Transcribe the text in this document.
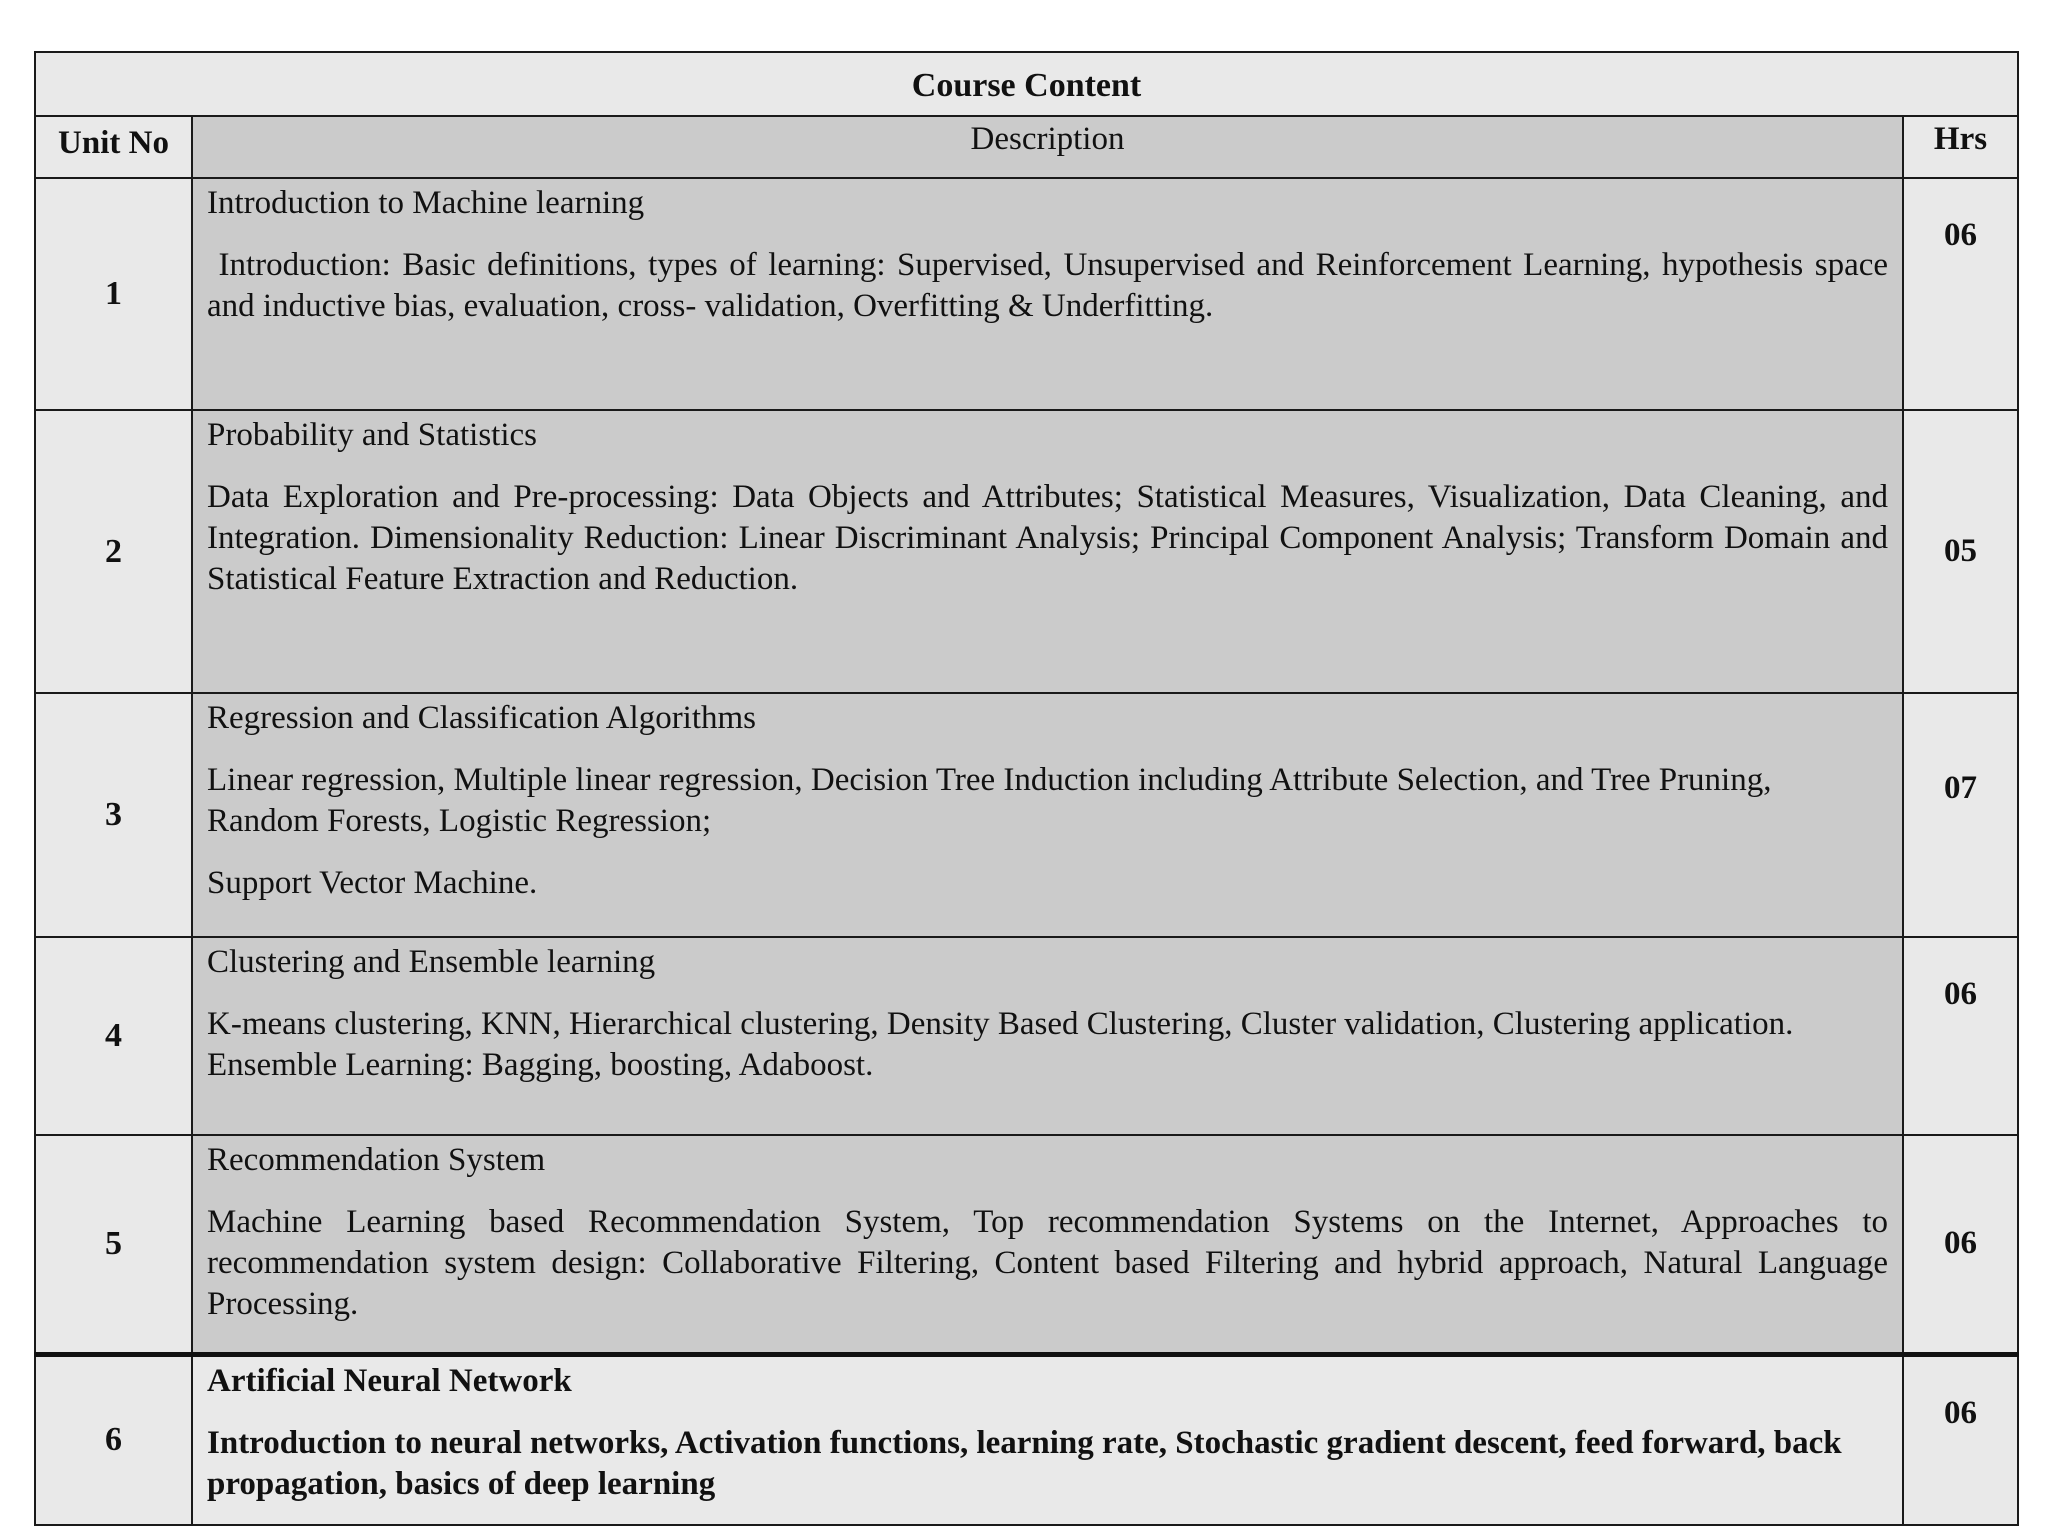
Course Content		
Unit No	Description	Hrs
1	Introduction to Machine learning

Introduction: Basic definitions, types of learning: Supervised, Unsupervised and Reinforcement Learning, hypothesis space and inductive bias, evaluation, cross- validation, Overfitting & Underfitting.	06
2	Probability and Statistics

Data Exploration and Pre-processing: Data Objects and Attributes; Statistical Measures, Visualization, Data Cleaning, and Integration. Dimensionality Reduction: Linear Discriminant Analysis; Principal Component Analysis; Transform Domain and Statistical Feature Extraction and Reduction.	05
3	Regression and Classification Algorithms

Linear regression, Multiple linear regression, Decision Tree Induction including Attribute Selection, and Tree Pruning, Random Forests, Logistic Regression;

Support Vector Machine.	07
4	Clustering and Ensemble learning

K-means clustering, KNN, Hierarchical clustering, Density Based Clustering, Cluster validation, Clustering application. Ensemble Learning: Bagging, boosting, Adaboost.	06
5	Recommendation System

Machine Learning based Recommendation System, Top recommendation Systems on the Internet, Approaches to recommendation system design: Collaborative Filtering, Content based Filtering and hybrid approach, Natural Language Processing.	06
6	Artificial Neural Network

Introduction to neural networks, Activation functions, learning rate, Stochastic gradient descent, feed forward, back propagation, basics of deep learning	06
